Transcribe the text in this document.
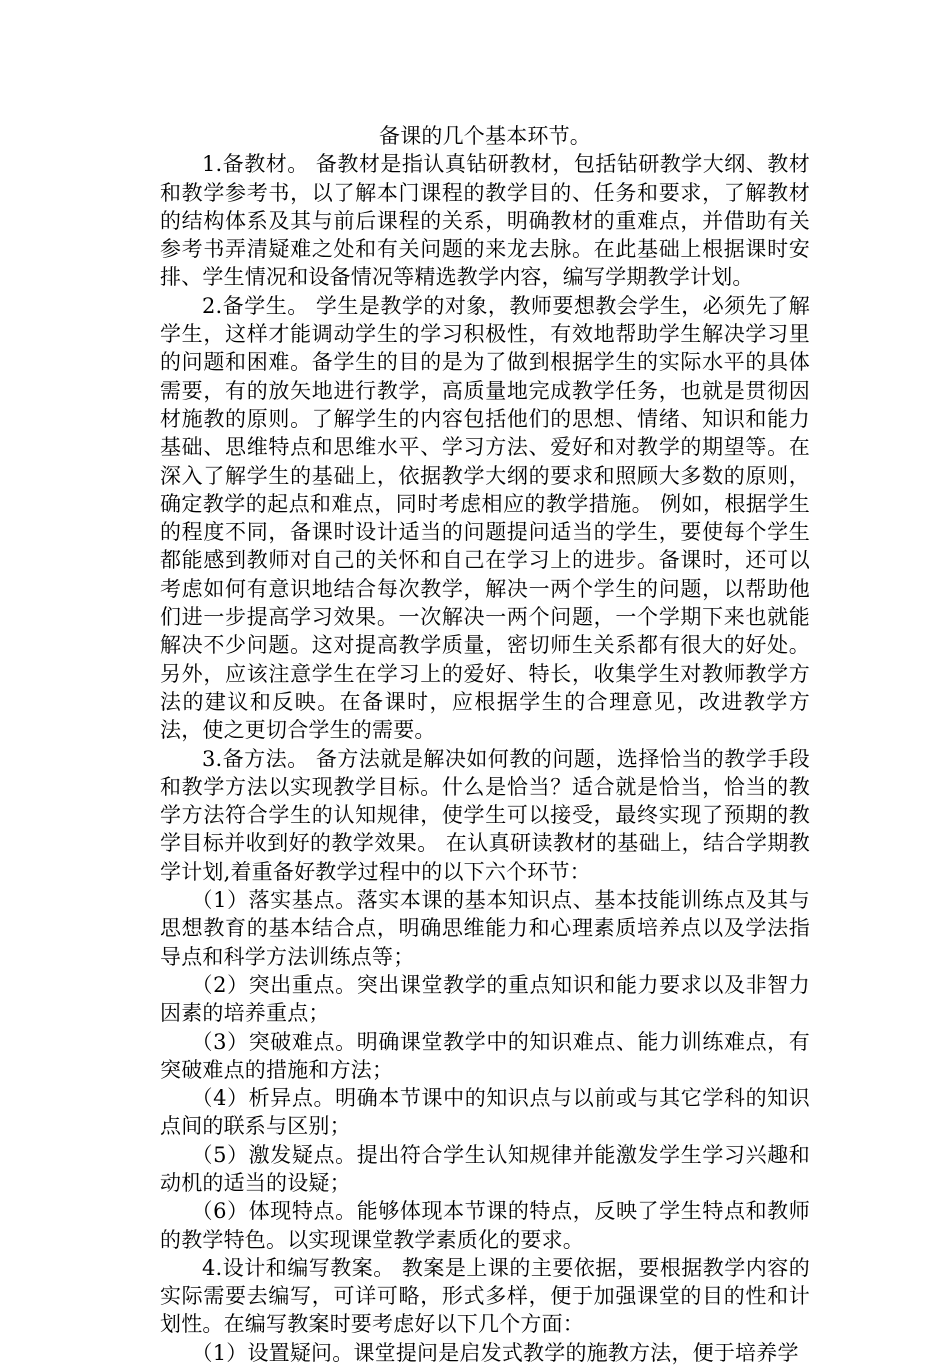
备课的几个基本环节。

1.备教材。 备教材是指认真钻研教材，包括钻研教学大纲、教材和教学参考书，以了解本门课程的教学目的、任务和要求，了解教材的结构体系及其与前后课程的关系，明确教材的重难点，并借助有关参考书弄清疑难之处和有关问题的来龙去脉。在此基础上根据课时安排、学生情况和设备情况等精选教学内容，编写学期教学计划。

2.备学生。 学生是教学的对象，教师要想教会学生，必须先了解学生，这样才能调动学生的学习积极性，有效地帮助学生解决学习里的问题和困难。备学生的目的是为了做到根据学生的实际水平的具体需要，有的放矢地进行教学，高质量地完成教学任务，也就是贯彻因材施教的原则。了解学生的内容包括他们的思想、情绪、知识和能力基础、思维特点和思维水平、学习方法、爱好和对教学的期望等。在深入了解学生的基础上，依据教学大纲的要求和照顾大多数的原则，确定教学的起点和难点，同时考虑相应的教学措施。 例如，根据学生的程度不同，备课时设计适当的问题提问适当的学生，要使每个学生都能感到教师对自己的关怀和自己在学习上的进步。备课时，还可以考虑如何有意识地结合每次教学，解决一两个学生的问题，以帮助他们进一步提高学习效果。一次解决一两个问题，一个学期下来也就能解决不少问题。这对提高教学质量，密切师生关系都有很大的好处。 另外，应该注意学生在学习上的爱好、特长，收集学生对教师教学方法的建议和反映。在备课时，应根据学生的合理意见，改进教学方法，使之更切合学生的需要。

3.备方法。 备方法就是解决如何教的问题，选择恰当的教学手段和教学方法以实现教学目标。什么是恰当？适合就是恰当，恰当的教学方法符合学生的认知规律，使学生可以接受，最终实现了预期的教学目标并收到好的教学效果。 在认真研读教材的基础上，结合学期教学计划,着重备好教学过程中的以下六个环节：

（1）落实基点。落实本课的基本知识点、基本技能训练点及其与思想教育的基本结合点，明确思维能力和心理素质培养点以及学法指导点和科学方法训练点等；

（2）突出重点。突出课堂教学的重点知识和能力要求以及非智力因素的培养重点；

（3）突破难点。明确课堂教学中的知识难点、能力训练难点，有突破难点的措施和方法；

（4）析异点。明确本节课中的知识点与以前或与其它学科的知识点间的联系与区别；

（5）激发疑点。提出符合学生认知规律并能激发学生学习兴趣和动机的适当的设疑；

（6）体现特点。能够体现本节课的特点，反映了学生特点和教师的教学特色。以实现课堂教学素质化的要求。

4.设计和编写教案。 教案是上课的主要依据，要根据教学内容的实际需要去编写，可详可略，形式多样，便于加强课堂的目的性和计划性。在编写教案时要考虑好以下几个方面：

（1）设置疑问。课堂提问是启发式教学的施教方法，便于培养学
